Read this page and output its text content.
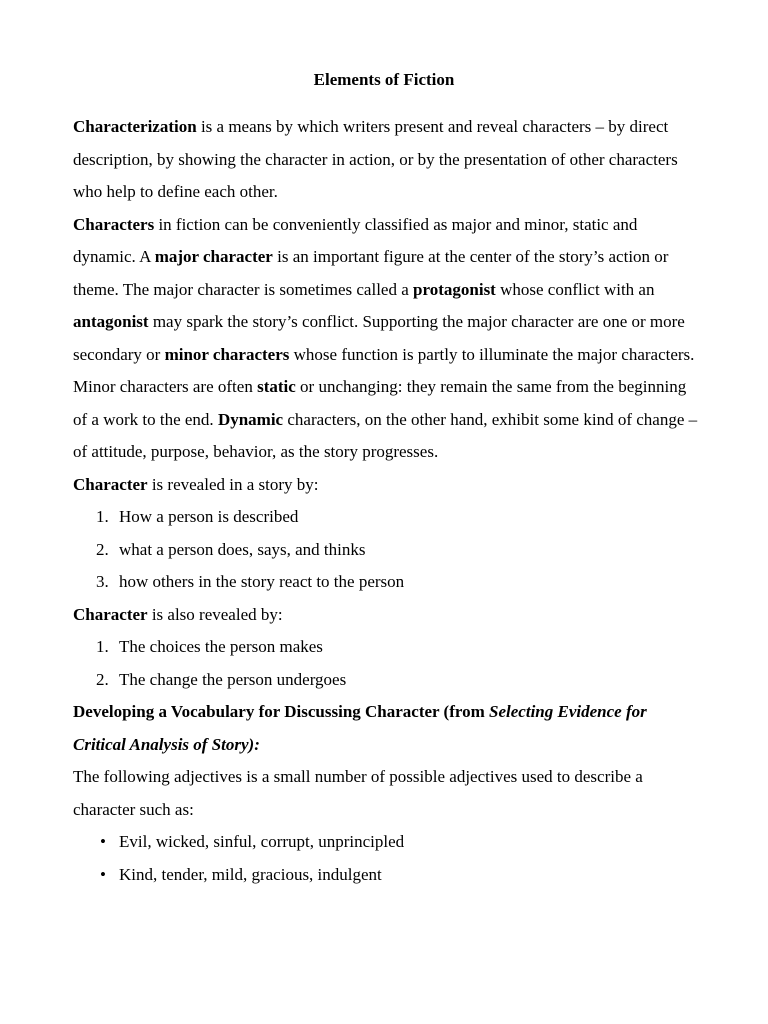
Elements of Fiction

Characterization is a means by which writers present and reveal characters – by direct description, by showing the character in action, or by the presentation of other characters who help to define each other.

Characters in fiction can be conveniently classified as major and minor, static and dynamic. A major character is an important figure at the center of the story’s action or theme. The major character is sometimes called a protagonist whose conflict with an antagonist may spark the story’s conflict. Supporting the major character are one or more secondary or minor characters whose function is partly to illuminate the major characters. Minor characters are often static or unchanging: they remain the same from the beginning of a work to the end. Dynamic characters, on the other hand, exhibit some kind of change – of attitude, purpose, behavior, as the story progresses.

Character is revealed in a story by:

1. How a person is described
2. what a person does, says, and thinks
3. how others in the story react to the person

Character is also revealed by:

1. The choices the person makes
2. The change the person undergoes

Developing a Vocabulary for Discussing Character (from Selecting Evidence for Critical Analysis of Story):

The following adjectives is a small number of possible adjectives used to describe a character such as:

• Evil, wicked, sinful, corrupt, unprincipled
• Kind, tender, mild, gracious, indulgent
